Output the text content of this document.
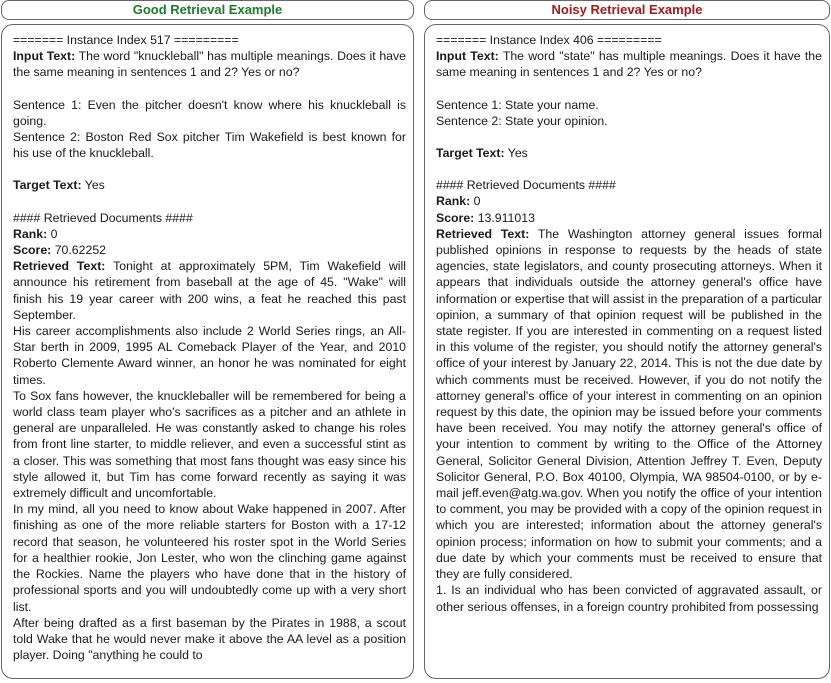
Good Retrieval Example

======= Instance Index 517 =========

Input Text: The word "knuckleball" has multiple meanings. Does it have the same meaning in sentences 1 and 2? Yes or no?

Sentence 1: Even the pitcher doesn't know where his knuckleball is going.

Sentence 2: Boston Red Sox pitcher Tim Wakefield is best known for his use of the knuckleball.

Target Text: Yes

#### Retrieved Documents ####

Rank: 0

Score: 70.62252

Retrieved Text: Tonight at approximately 5PM, Tim Wakefield will announce his retirement from baseball at the age of 45. "Wake" will finish his 19 year career with 200 wins, a feat he reached this past September.

His career accomplishments also include 2 World Series rings, an All-Star berth in 2009, 1995 AL Comeback Player of the Year, and 2010 Roberto Clemente Award winner, an honor he was nominated for eight times.

To Sox fans however, the knuckleballer will be remembered for being a world class team player who's sacrifices as a pitcher and an athlete in general are unparalleled. He was constantly asked to change his roles from front line starter, to middle reliever, and even a successful stint as a closer. This was something that most fans thought was easy since his style allowed it, but Tim has come forward recently as saying it was extremely difficult and uncomfortable.

In my mind, all you need to know about Wake happened in 2007. After finishing as one of the more reliable starters for Boston with a 17-12 record that season, he volunteered his roster spot in the World Series for a healthier rookie, Jon Lester, who won the clinching game against the Rockies. Name the players who have done that in the history of professional sports and you will undoubtedly come up with a very short list.

After being drafted as a first baseman by the Pirates in 1988, a scout told Wake that he would never make it above the AA level as a position player. Doing "anything he could to

Noisy Retrieval Example

======= Instance Index 406 =========

Input Text: The word "state" has multiple meanings. Does it have the same meaning in sentences 1 and 2? Yes or no?

Sentence 1: State your name.

Sentence 2: State your opinion.

Target Text: Yes

#### Retrieved Documents ####

Rank: 0

Score: 13.911013

Retrieved Text: The Washington attorney general issues formal published opinions in response to requests by the heads of state agencies, state legislators, and county prosecuting attorneys. When it appears that individuals outside the attorney general's office have information or expertise that will assist in the preparation of a particular opinion, a summary of that opinion request will be published in the state register. If you are interested in commenting on a request listed in this volume of the register, you should notify the attorney general's office of your interest by January 22, 2014. This is not the due date by which comments must be received. However, if you do not notify the attorney general's office of your interest in commenting on an opinion request by this date, the opinion may be issued before your comments have been received. You may notify the attorney general's office of your intention to comment by writing to the Office of the Attorney General, Solicitor General Division, Attention Jeffrey T. Even, Deputy Solicitor General, P.O. Box 40100, Olympia, WA 98504-0100, or by e-mail jeff.even@atg.wa.gov. When you notify the office of your intention to comment, you may be provided with a copy of the opinion request in which you are interested; information about the attorney general's opinion process; information on how to submit your comments; and a due date by which your comments must be received to ensure that they are fully considered.

1. Is an individual who has been convicted of aggravated assault, or other serious offenses, in a foreign country prohibited from possessing
